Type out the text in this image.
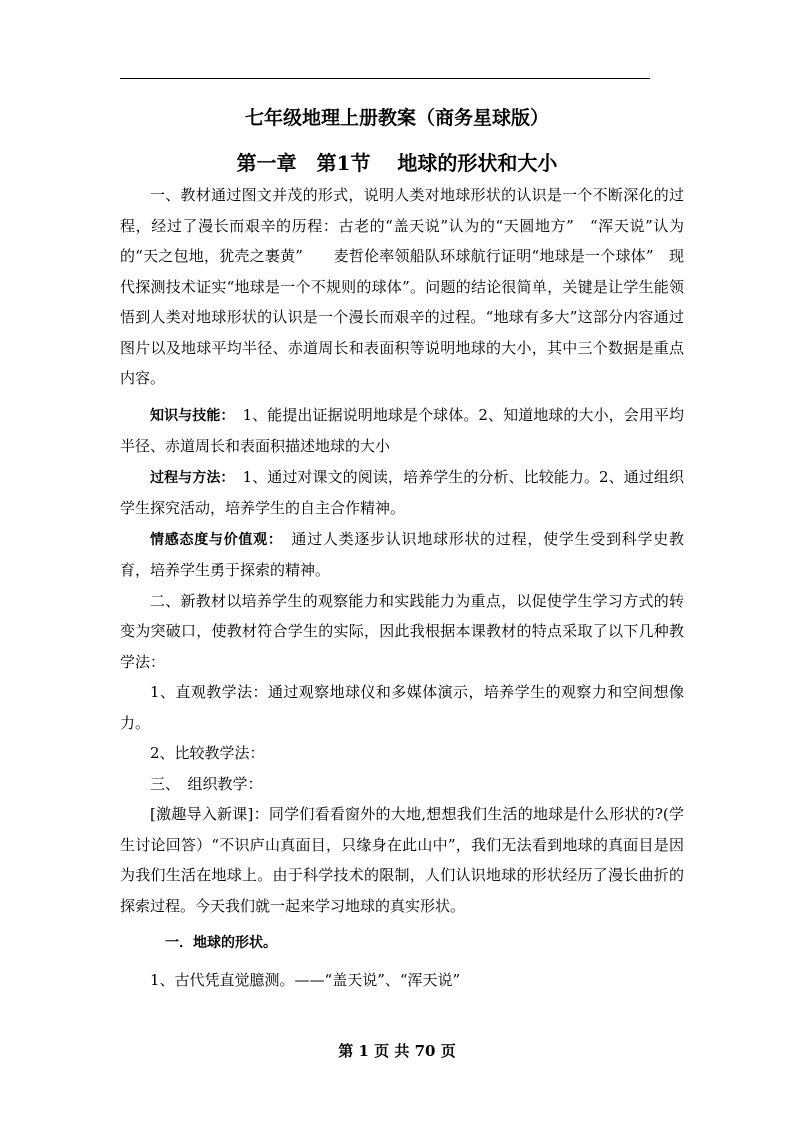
七年级地理上册教案（商务星球版）
第一章　第1节　 地球的形状和大小

一、教材通过图文并茂的形式，说明人类对地球形状的认识是一个不断深化的过程，经过了漫长而艰辛的历程：古老的“盖天说”认为的“天圆地方”　“浑天说”认为的“天之包地，犹壳之裹黄”　　麦哲伦率领船队环球航行证明“地球是一个球体”　现代探测技术证实“地球是一个不规则的球体”。问题的结论很简单，关键是让学生能领悟到人类对地球形状的认识是一个漫长而艰辛的过程。“地球有多大”这部分内容通过图片以及地球平均半径、赤道周长和表面积等说明地球的大小，其中三个数据是重点内容。

知识与技能：　1、能提出证据说明地球是个球体。2、知道地球的大小，会用平均半径、赤道周长和表面积描述地球的大小

过程与方法：　1、通过对课文的阅读，培养学生的分析、比较能力。2、通过组织学生探究活动，培养学生的自主合作精神。

情感态度与价值观：　通过人类逐步认识地球形状的过程，使学生受到科学史教育，培养学生勇于探索的精神。

二、新教材以培养学生的观察能力和实践能力为重点，以促使学生学习方式的转变为突破口，使教材符合学生的实际，因此我根据本课教材的特点采取了以下几种教学法：

1、直观教学法：通过观察地球仪和多媒体演示，培养学生的观察力和空间想像力。

2、比较教学法：

三、　组织教学：

[激趣导入新课]：同学们看看窗外的大地,想想我们生活的地球是什么形状的?(学生讨论回答）“不识庐山真面目，只缘身在此山中”，我们无法看到地球的真面目是因为我们生活在地球上。由于科学技术的限制，人们认识地球的形状经历了漫长曲折的探索过程。今天我们就一起来学习地球的真实形状。

一．地球的形状。

1、古代凭直觉臆测。——“盖天说”、“浑天说”

第 1 页 共 70 页
